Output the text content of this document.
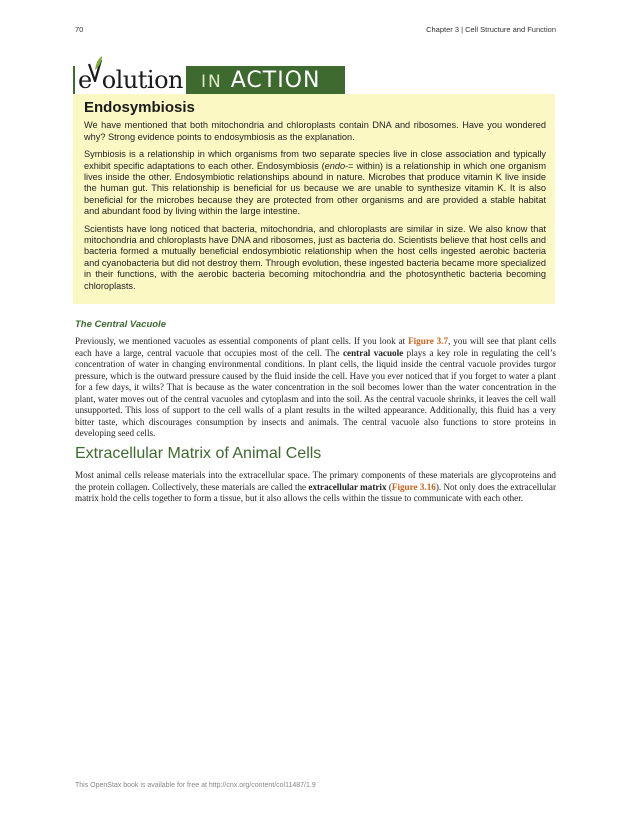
70	Chapter 3 | Cell Structure and Function
e olution IN ACTION
Endosymbiosis

We have mentioned that both mitochondria and chloroplasts contain DNA and ribosomes. Have you wondered why? Strong evidence points to endosymbiosis as the explanation.

Symbiosis is a relationship in which organisms from two separate species live in close association and typically exhibit specific adaptations to each other. Endosymbiosis (endo-= within) is a relationship in which one organism lives inside the other. Endosymbiotic relationships abound in nature. Microbes that produce vitamin K live inside the human gut. This relationship is beneficial for us because we are unable to synthesize vitamin K. It is also beneficial for the microbes because they are protected from other organisms and are provided a stable habitat and abundant food by living within the large intestine.

Scientists have long noticed that bacteria, mitochondria, and chloroplasts are similar in size. We also know that mitochondria and chloroplasts have DNA and ribosomes, just as bacteria do. Scientists believe that host cells and bacteria formed a mutually beneficial endosymbiotic relationship when the host cells ingested aerobic bacteria and cyanobacteria but did not destroy them. Through evolution, these ingested bacteria became more specialized in their functions, with the aerobic bacteria becoming mitochondria and the photosynthetic bacteria becoming chloroplasts.

The Central Vacuole

Previously, we mentioned vacuoles as essential components of plant cells. If you look at Figure 3.7, you will see that plant cells each have a large, central vacuole that occupies most of the cell. The central vacuole plays a key role in regulating the cell’s concentration of water in changing environmental conditions. In plant cells, the liquid inside the central vacuole provides turgor pressure, which is the outward pressure caused by the fluid inside the cell. Have you ever noticed that if you forget to water a plant for a few days, it wilts? That is because as the water concentration in the soil becomes lower than the water concentration in the plant, water moves out of the central vacuoles and cytoplasm and into the soil. As the central vacuole shrinks, it leaves the cell wall unsupported. This loss of support to the cell walls of a plant results in the wilted appearance. Additionally, this fluid has a very bitter taste, which discourages consumption by insects and animals. The central vacuole also functions to store proteins in developing seed cells.

Extracellular Matrix of Animal Cells

Most animal cells release materials into the extracellular space. The primary components of these materials are glycoproteins and the protein collagen. Collectively, these materials are called the extracellular matrix (Figure 3.16). Not only does the extracellular matrix hold the cells together to form a tissue, but it also allows the cells within the tissue to communicate with each other.

This OpenStax book is available for free at http://cnx.org/content/col11487/1.9
